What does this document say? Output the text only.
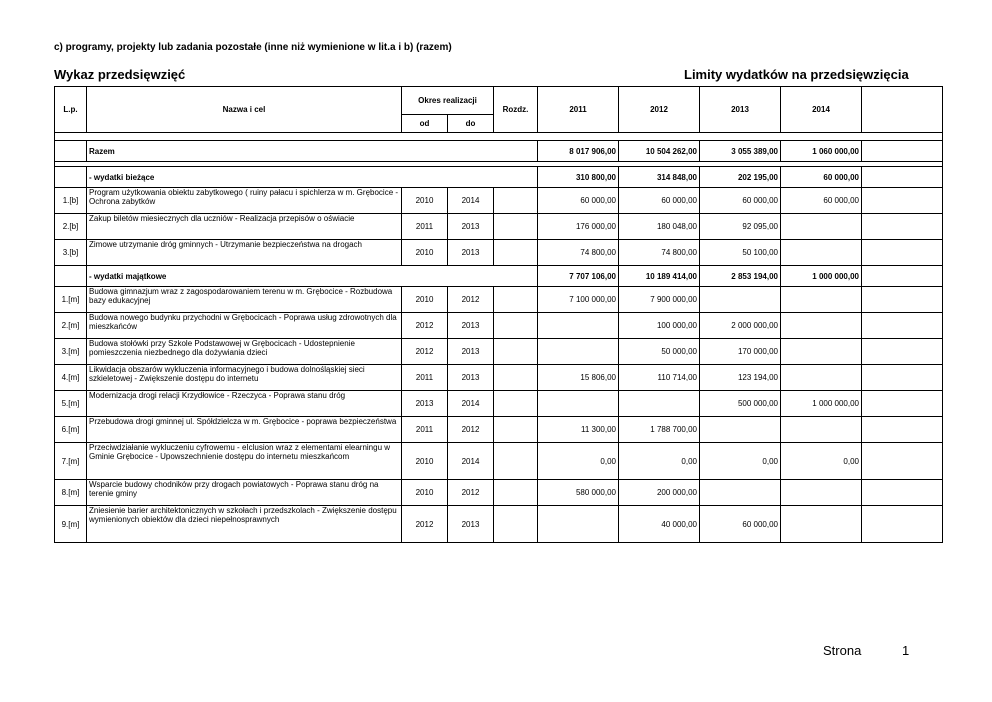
c) programy, projekty lub zadania pozostałe (inne niż wymienione w lit.a i b) (razem)
Wykaz przedsięwzięć	Limity wydatków na przedsięwzięcia
L.p.	Nazwa i cel	Okres realizacji		Rozdz.	2011	2012	2013	2014	
		od	do						

	Razem				8 017 906,00	10 504 262,00	3 055 389,00	1 060 000,00	

	- wydatki bieżące				310 800,00	314 848,00	202 195,00	60 000,00	
1.[b]	Program użytkowania obiektu zabytkowego ( ruiny pałacu i spichlerza w m. Grębocice - Ochrona zabytków	2010	2014		60 000,00	60 000,00	60 000,00	60 000,00	
2.[b]	Zakup biletów miesiecznych dla uczniów - Realizacja przepisów o oświacie	2011	2013		176 000,00	180 048,00	92 095,00		
3.[b]	Zimowe utrzymanie dróg gminnych - Utrzymanie bezpieczeństwa na drogach	2010	2013		74 800,00	74 800,00	50 100,00		
	- wydatki majątkowe				7 707 106,00	10 189 414,00	2 853 194,00	1 000 000,00	
1.[m]	Budowa gimnazjum wraz z zagospodarowaniem terenu w m. Grębocice - Rozbudowa bazy edukacyjnej	2010	2012		7 100 000,00	7 900 000,00			
2.[m]	Budowa nowego budynku przychodni w Grębocicach - Poprawa usług zdrowotnych dla mieszkańców	2012	2013			100 000,00	2 000 000,00		
3.[m]	Budowa stołówki przy Szkole Podstawowej w Grębocicach - Udostepnienie pomieszczenia niezbednego dla dożywiania dzieci	2012	2013			50 000,00	170 000,00		
4.[m]	Likwidacja obszarów wykluczenia informacyjnego i budowa dolnośląskiej sieci szkieletowej - Zwiększenie dostępu do internetu	2011	2013		15 806,00	110 714,00	123 194,00		
5.[m]	Modernizacja drogi relacji Krzydłowice - Rzeczyca - Poprawa stanu dróg	2013	2014				500 000,00	1 000 000,00	
6.[m]	Przebudowa drogi gminnej ul. Spółdzielcza w m. Grębocice - poprawa bezpieczeństwa	2011	2012		11 300,00	1 788 700,00			
7.[m]	Przeciwdziałanie wykluczeniu cyfrowemu - eIclusion wraz z elementami elearningu w Gminie Grębocice - Upowszechnienie dostępu do internetu mieszkańcom	2010	2014		0,00	0,00	0,00	0,00	
8.[m]	Wsparcie budowy chodników przy drogach powiatowych - Poprawa stanu dróg na terenie gminy	2010	2012		580 000,00	200 000,00			
9.[m]	Zniesienie barier architektonicznych w szkołach i przedszkolach - Zwiększenie dostępu wymienionych obiektów dla dzieci niepełnosprawnych	2012	2013			40 000,00	60 000,00		
Strona	1
